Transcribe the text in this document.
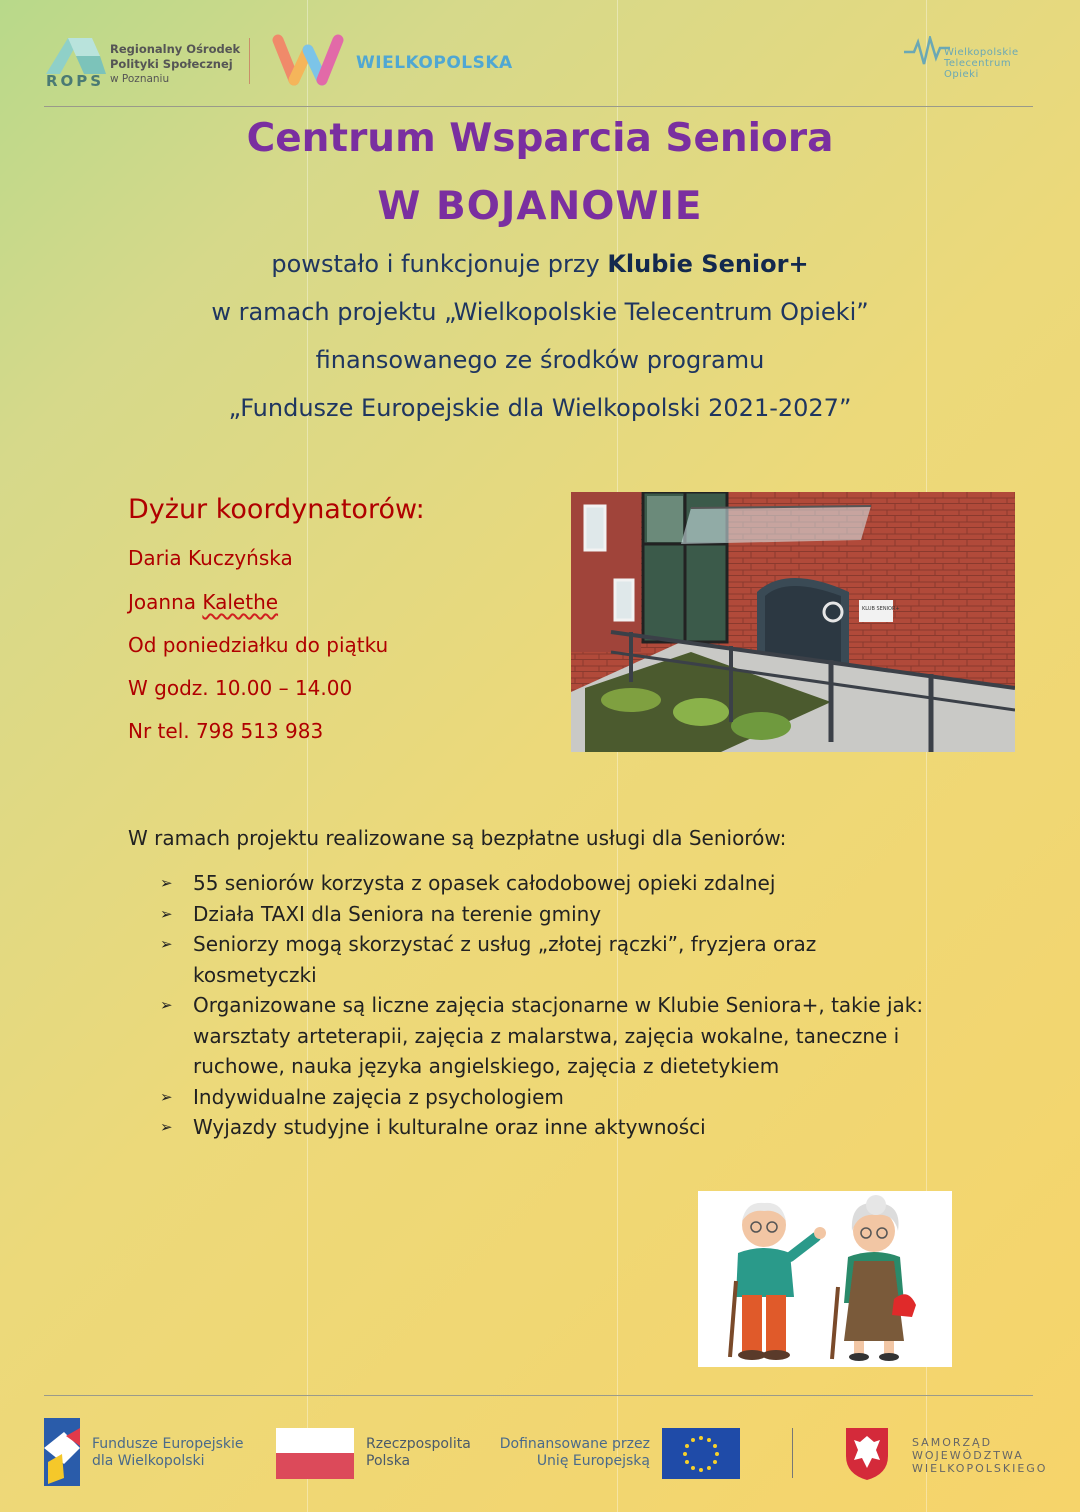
ROPS
Regionalny Ośrodek
Polityki Społecznej
w Poznaniu
WIELKOPOLSKA
Wielkopolskie
Telecentrum
Opieki
Centrum Wsparcia Seniora
W BOJANOWIE
powstało i funkcjonuje przy Klubie Senior+
w ramach projektu „Wielkopolskie Telecentrum Opieki”
finansowanego ze środków programu
„Fundusze Europejskie dla Wielkopolski 2021-2027”
Dyżur koordynatorów:
Daria Kuczyńska
Joanna Kalethe
Od poniedziałku do piątku
W godz. 10.00 – 14.00
Nr tel. 798 513 983
KLUB SENIOR+
W ramach projektu realizowane są bezpłatne usługi dla Seniorów:
➢ 55 seniorów korzysta z opasek całodobowej opieki zdalnej
➢ Działa TAXI dla Seniora na terenie gminy
➢ Seniorzy mogą skorzystać z usług „złotej rączki”, fryzjera oraz kosmetyczki
➢ Organizowane są liczne zajęcia stacjonarne w Klubie Seniora+, takie jak: warsztaty arteterapii, zajęcia z malarstwa, zajęcia wokalne, taneczne i ruchowe, nauka języka angielskiego, zajęcia z dietetykiem
➢ Indywidualne zajęcia z psychologiem
➢ Wyjazdy studyjne i kulturalne oraz inne aktywności
Fundusze Europejskie
dla Wielkopolski
Rzeczpospolita
Polska
Dofinansowane przez
Unię Europejską
SAMORZĄD
WOJEWÓDZTWA
WIELKOPOLSKIEGO
